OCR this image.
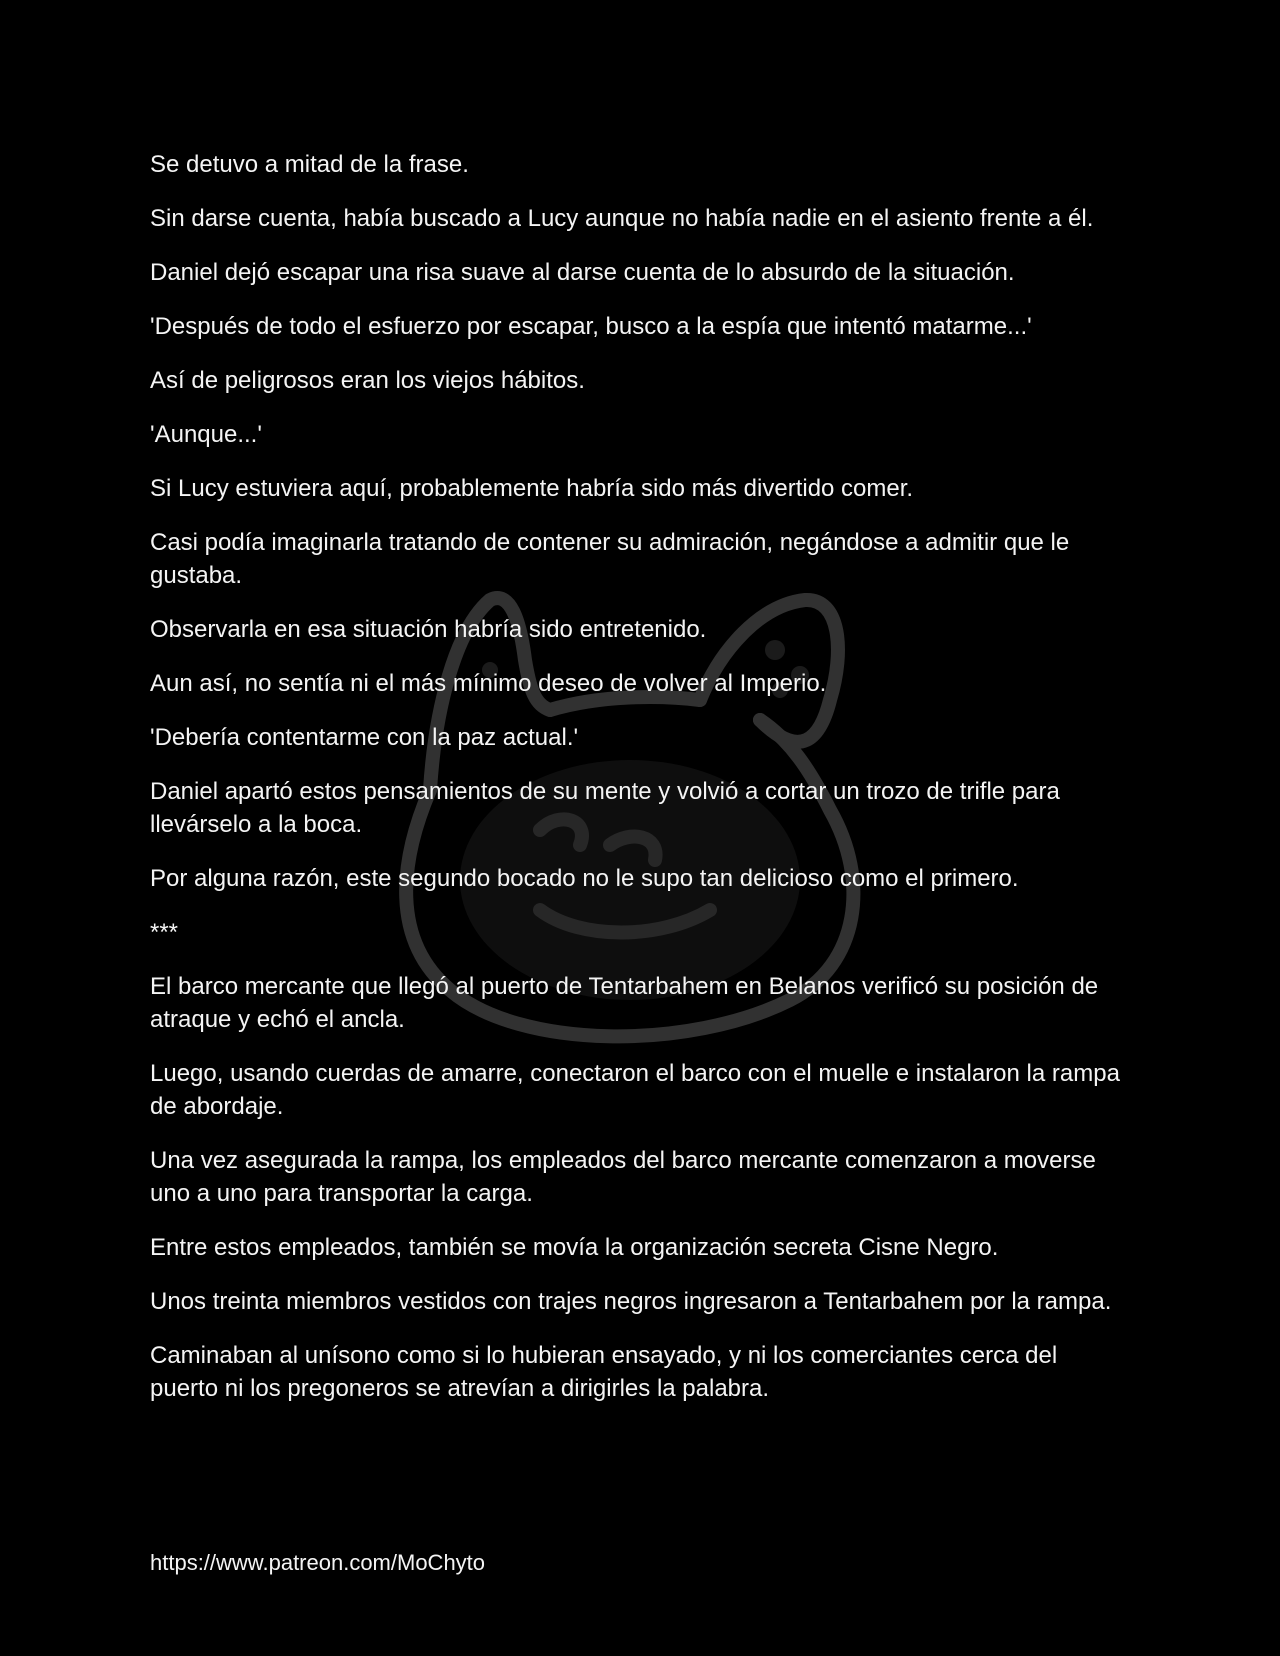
Se detuvo a mitad de la frase.

Sin darse cuenta, había buscado a Lucy aunque no había nadie en el asiento frente a él.

Daniel dejó escapar una risa suave al darse cuenta de lo absurdo de la situación.

'Después de todo el esfuerzo por escapar, busco a la espía que intentó matarme...'

Así de peligrosos eran los viejos hábitos.

'Aunque...'

Si Lucy estuviera aquí, probablemente habría sido más divertido comer.

Casi podía imaginarla tratando de contener su admiración, negándose a admitir que le gustaba.

Observarla en esa situación habría sido entretenido.

Aun así, no sentía ni el más mínimo deseo de volver al Imperio.

'Debería contentarme con la paz actual.'

Daniel apartó estos pensamientos de su mente y volvió a cortar un trozo de trifle para llevárselo a la boca.

Por alguna razón, este segundo bocado no le supo tan delicioso como el primero.

***

El barco mercante que llegó al puerto de Tentarbahem en Belanos verificó su posición de atraque y echó el ancla.

Luego, usando cuerdas de amarre, conectaron el barco con el muelle e instalaron la rampa de abordaje.

Una vez asegurada la rampa, los empleados del barco mercante comenzaron a moverse uno a uno para transportar la carga.

Entre estos empleados, también se movía la organización secreta Cisne Negro.

Unos treinta miembros vestidos con trajes negros ingresaron a Tentarbahem por la rampa.

Caminaban al unísono como si lo hubieran ensayado, y ni los comerciantes cerca del puerto ni los pregoneros se atrevían a dirigirles la palabra.

https://www.patreon.com/MoChyto
